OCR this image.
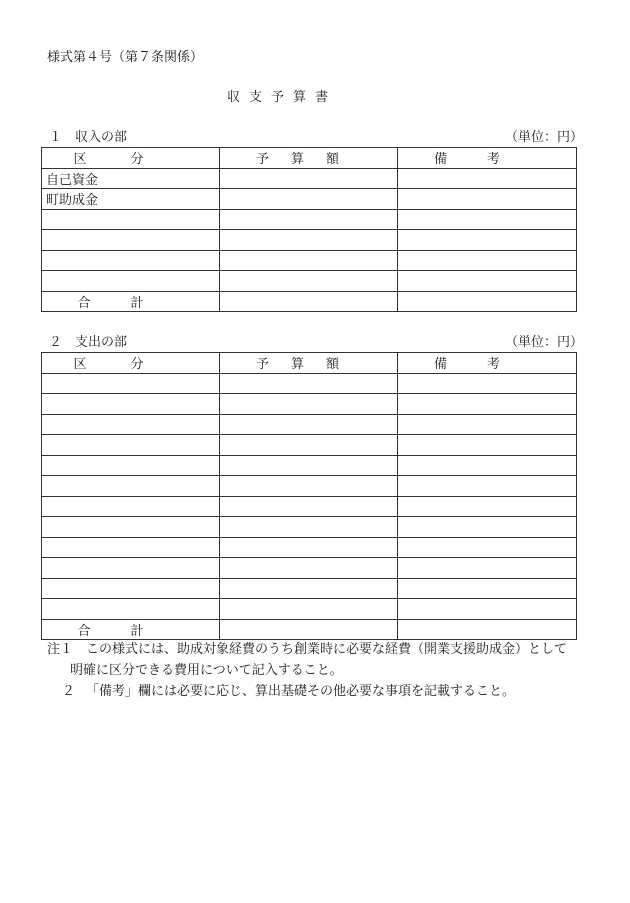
様式第４号（第７条関係）
収支予算書
１　収入の部	（単位：円）
区分	予算額	備考
自己資金		
町助成金		

合計		
２　支出の部	（単位：円）
区分	予算額	備考

合計		
注１ この様式には、助成対象経費のうち創業時に必要な経費（開業支援助成金）として
明確に区分できる費用について記入すること。
２ 「備考」欄には必要に応じ、算出基礎その他必要な事項を記載すること。
